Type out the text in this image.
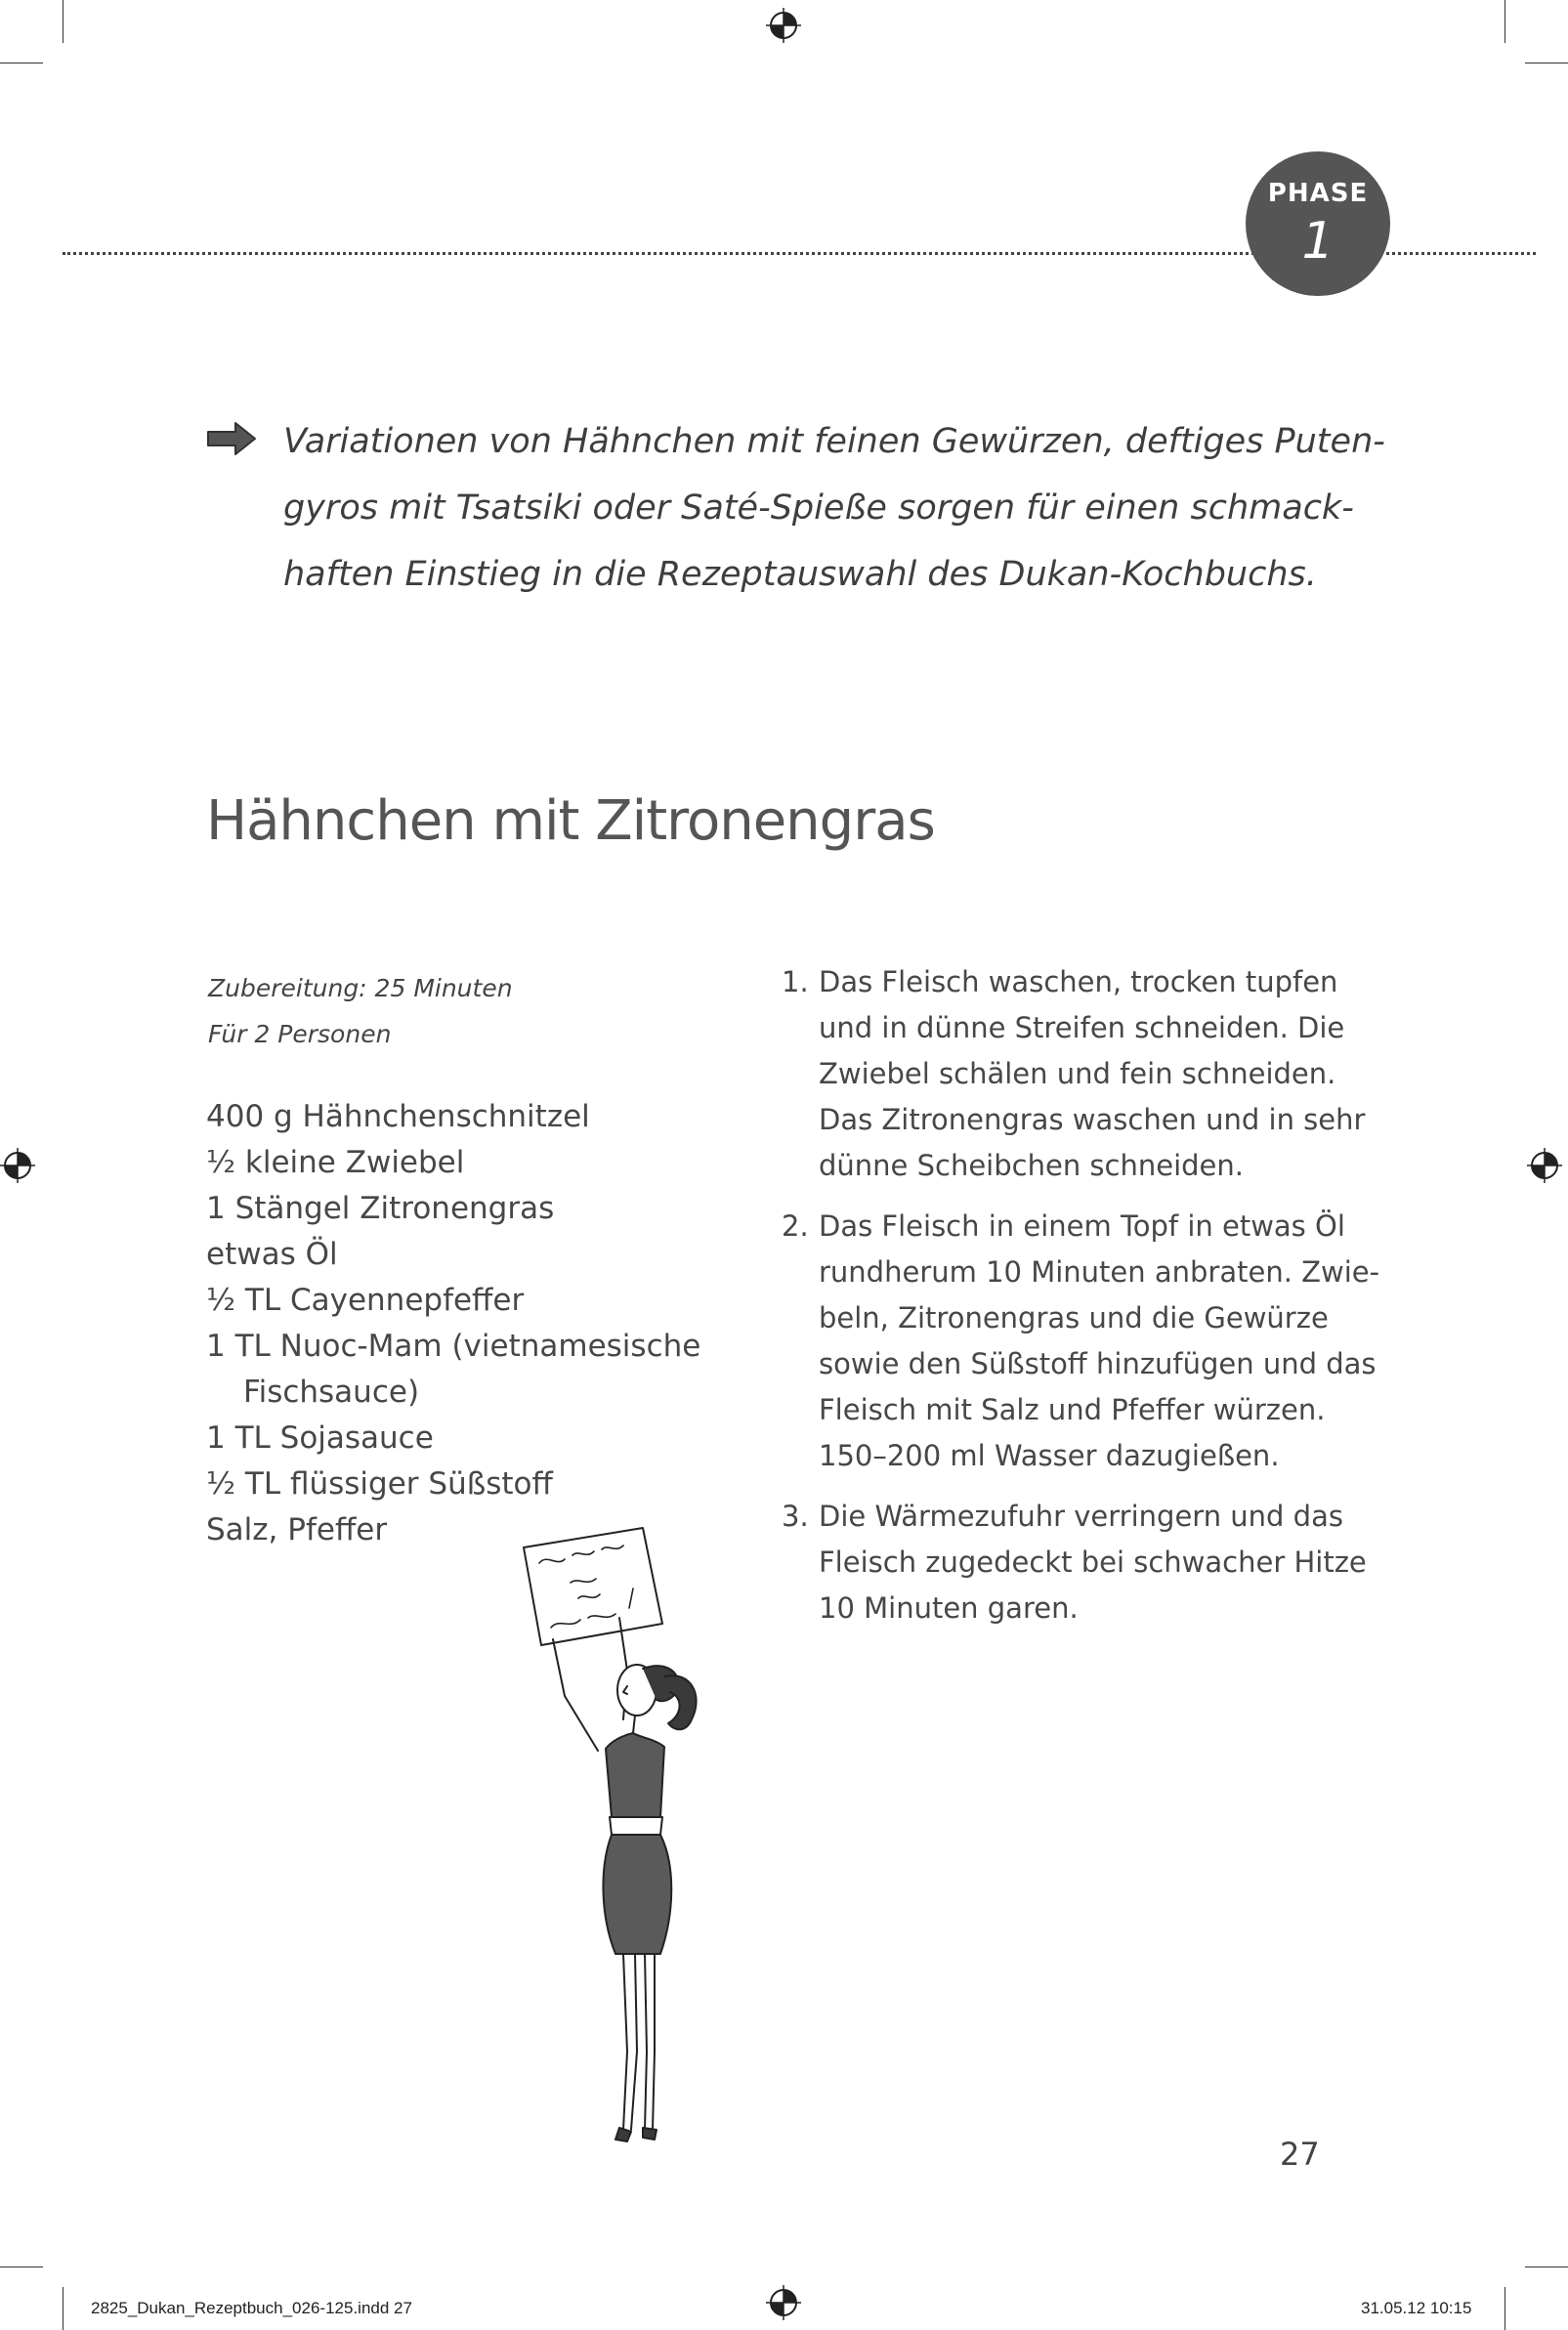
PHASE
1

Variationen von Hähnchen mit feinen Gewürzen, deftiges Puten-
gyros mit Tsatsiki oder Saté-Spieße sorgen für einen schmack-
haften Einstieg in die Rezeptauswahl des Dukan-Kochbuchs.

Hähnchen mit Zitronengras
Zubereitung: 25 Minuten
Für 2 Personen
400 g Hähnchenschnitzel
½ kleine Zwiebel
1 Stängel Zitronengras
etwas Öl
½ TL Cayennepfeffer
1 TL Nuoc-Mam (vietnamesische
Fischsauce)
1 TL Sojasauce
½ TL flüssiger Süßstoff
Salz, Pfeffer
1. Das Fleisch waschen, trocken tupfen
und in dünne Streifen schneiden. Die
Zwiebel schälen und fein schneiden.
Das Zitronengras waschen und in sehr
dünne Scheibchen schneiden.
2. Das Fleisch in einem Topf in etwas Öl
rundherum 10 Minuten anbraten. Zwie-
beln, Zitronengras und die Gewürze
sowie den Süßstoff hinzufügen und das
Fleisch mit Salz und Pfeffer würzen.
150–200 ml Wasser dazugießen.
3. Die Wärmezufuhr verringern und das
Fleisch zugedeckt bei schwacher Hitze
10 Minuten garen.
27
2825_Dukan_Rezeptbuch_026-125.indd 27	31.05.12 10:15
